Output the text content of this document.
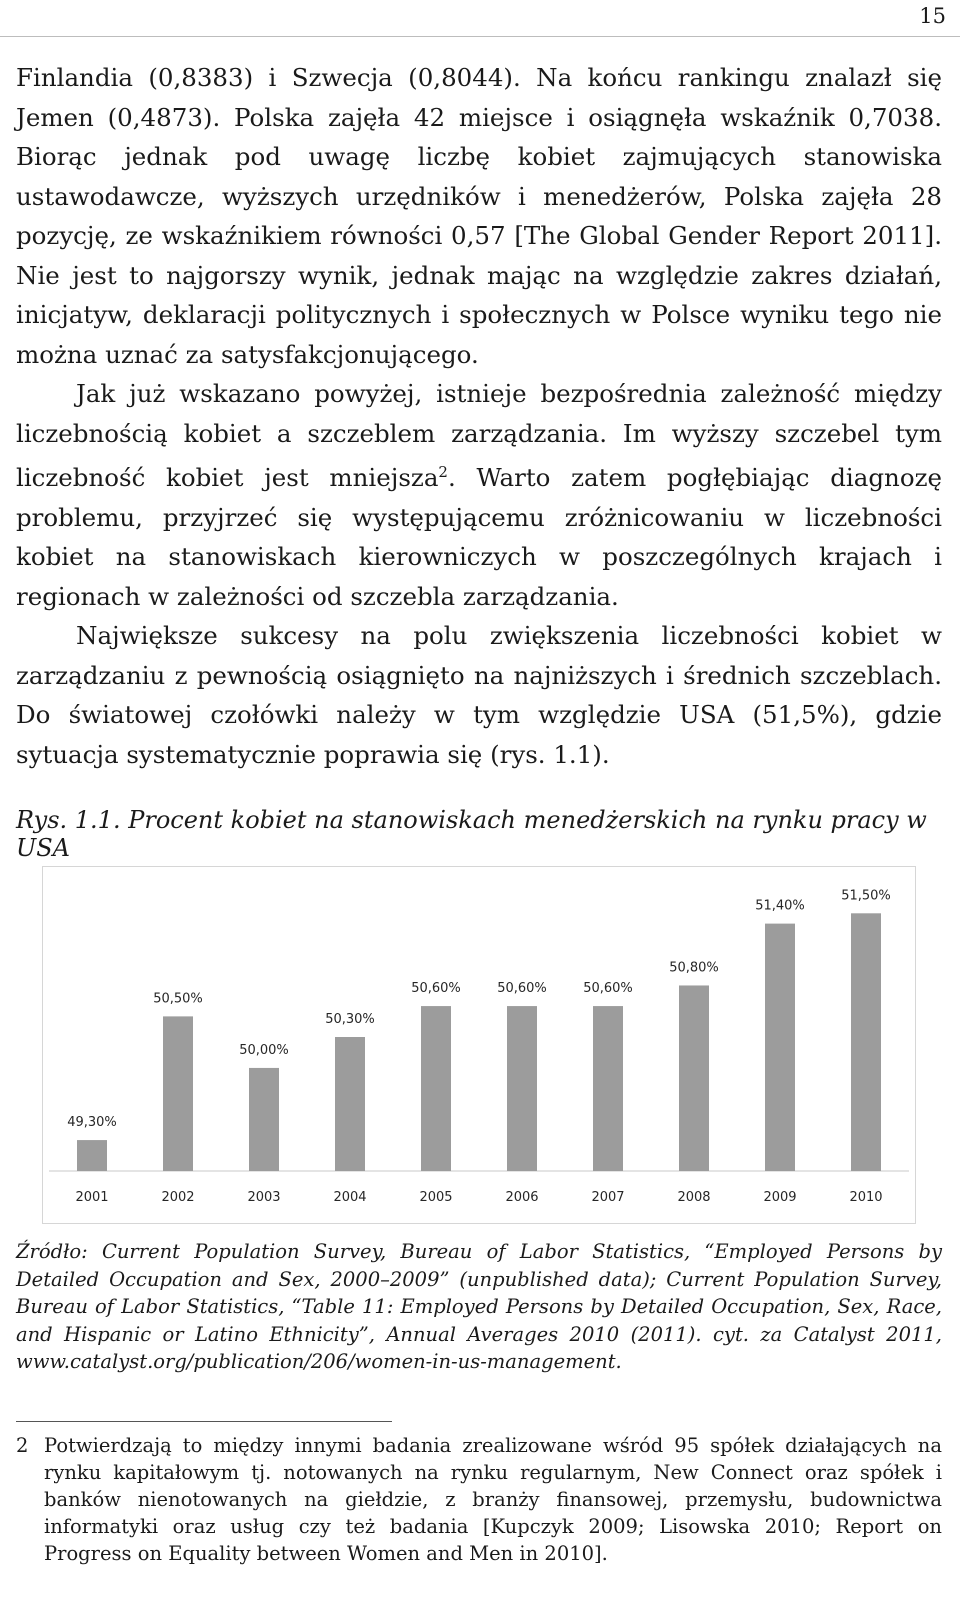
15

Finlandia (0,8383) i Szwecja (0,8044). Na końcu rankingu znalazł się Jemen (0,4873). Polska zajęła 42 miejsce i osiągnęła wskaźnik 0,7038. Biorąc jednak pod uwagę liczbę kobiet zajmujących stanowiska ustawodawcze, wyższych urzędników i menedżerów, Polska zajęła 28 pozycję, ze wskaźnikiem równości 0,57 [The Global Gender Report 2011]. Nie jest to najgorszy wynik, jednak mając na względzie zakres działań, inicjatyw, deklaracji politycznych i społecznych w Polsce wyniku tego nie można uznać za satysfakcjonującego.

Jak już wskazano powyżej, istnieje bezpośrednia zależność między liczebnością kobiet a szczeblem zarządzania. Im wyższy szczebel tym liczebność kobiet jest mniejsza$^2$. Warto zatem pogłębiając diagnozę problemu, przyjrzeć się występującemu zróżnicowaniu w liczebności kobiet na stanowiskach kierowniczych w poszczególnych krajach i regionach w zależności od szczebla zarządzania.

Największe sukcesy na polu zwiększenia liczebności kobiet w zarządzaniu z pewnością osiągnięto na najniższych i średnich szczeblach. Do światowej czołówki należy w tym względzie USA (51,5%), gdzie sytuacja systematycznie poprawia się (rys. 1.1).

Rys. 1.1. Procent kobiet na stanowiskach menedżerskich na rynku pracy w USA
49,30%
2001
50,50%
2002
50,00%
2003
50,30%
2004
50,60%
2005
50,60%
2006
50,60%
2007
50,80%
2008
51,40%
2009
51,50%
2010
Źródło: Current Population Survey, Bureau of Labor Statistics, “Employed Persons by Detailed Occupation and Sex, 2000–2009” (unpublished data); Current Population Survey, Bureau of Labor Statistics, “Table 11: Employed Persons by Detailed Occupation, Sex, Race, and Hispanic or Latino Ethnicity”, Annual Averages 2010 (2011). cyt. za Catalyst 2011, www.catalyst.org/publication/206/women-in-us-management.
2 Potwierdzają to między innymi badania zrealizowane wśród 95 spółek działających na rynku kapitałowym tj. notowanych na rynku regularnym, New Connect oraz spółek i banków nienotowanych na giełdzie, z branży finansowej, przemysłu, budownictwa informatyki oraz usług czy też badania [Kupczyk 2009; Lisowska 2010; Report on Progress on Equality between Women and Men in 2010].
